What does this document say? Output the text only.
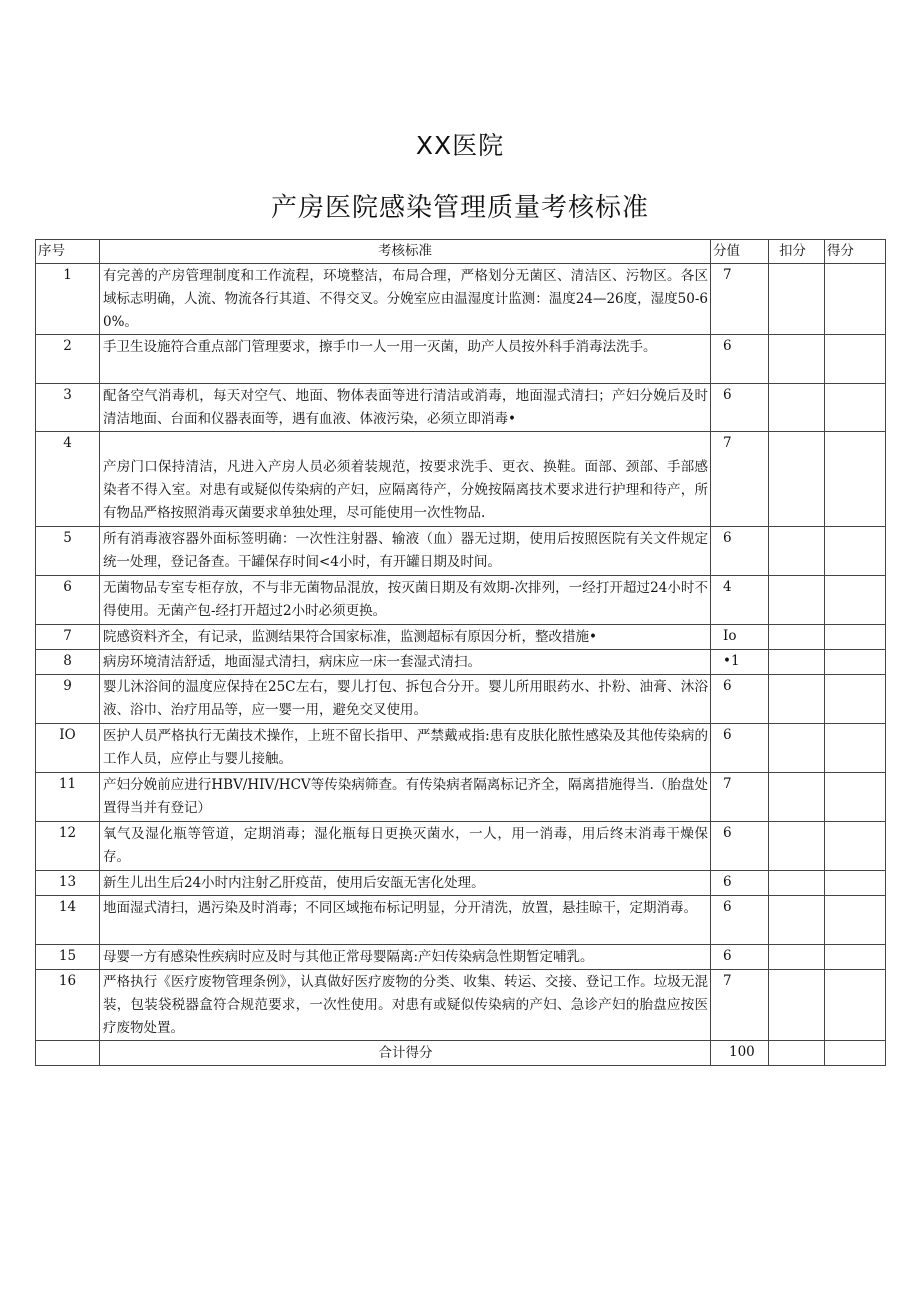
XX医院
产房医院感染管理质量考核标准
序号	考核标准	分值	扣分	得分
1	有完善的产房管理制度和工作流程，环境整洁，布局合理，严格划分无菌区、清洁区、污物区。各区域标志明确，人流、物流各行其道、不得交叉。分娩室应由温湿度计监测：温度24—26度，湿度50-60%。	7		
2	手卫生设施符合重点部门管理要求，擦手巾一人一用一灭菌，助产人员按外科手消毒法洗手。	6		
3	配备空气消毒机，每天对空气、地面、物体表面等进行清洁或消毒，地面湿式清扫；产妇分娩后及时清洁地面、台面和仪器表面等，遇有血液、体液污染，必须立即消毒•	6		
4	产房门口保持清洁，凡进入产房人员必须着装规范，按要求洗手、更衣、换鞋。面部、颈部、手部感染者不得入室。对患有或疑似传染病的产妇，应隔离待产，分娩按隔离技术要求进行护理和待产，所有物品严格按照消毒灭菌要求单独处理，尽可能使用一次性物品.	7		
5	所有消毒液容器外面标签明确：一次性注射器、输液（血）器无过期，使用后按照医院有关文件规定统一处理，登记备查。干罐保存时间<4小时，有开罐日期及时间。	6		
6	无菌物品专室专柜存放，不与非无菌物品混放，按灭菌日期及有效期-次排列，一经打开超过24小时不得使用。无菌产包-经打开超过2小时必须更换。	4		
7	院感资料齐全，有记录，监测结果符合国家标准，监测超标有原因分析，整改措施•	Io		
8	病房环境清洁舒适，地面湿式清扫，病床应一床一套湿式清扫。	•1		
9	婴儿沐浴间的温度应保持在25C左右，婴儿打包、拆包合分开。婴儿所用眼药水、扑粉、油膏、沐浴液、浴巾、治疗用品等，应一婴一用，避免交叉使用。	6		
IO	医护人员严格执行无菌技术操作，上班不留长指甲、严禁戴戒指:患有皮肤化脓性感染及其他传染病的工作人员，应停止与婴儿接触。	6		
11	产妇分娩前应进行HBV/HIV/HCV等传染病筛查。有传染病者隔离标记齐全，隔离措施得当.（胎盘处置得当并有登记）	7		
12	氧气及湿化瓶等管道，定期消毒；湿化瓶每日更换灭菌水，一人，用一消毒，用后终末消毒干燥保存。	6		
13	新生儿出生后24小时内注射乙肝疫苗，使用后安瓿无害化处理。	6		
14	地面湿式清扫，遇污染及时消毒；不同区域拖布标记明显，分开清洗，放置，悬挂晾干，定期消毒。	6		
15	母婴一方有感染性疾病时应及时与其他正常母婴隔离:产妇传染病急性期暂定哺乳。	6		
16	严格执行《医疗废物管理条例》，认真做好医疗废物的分类、收集、转运、交接、登记工作。垃圾无混装，包装袋税器盒符合规范要求，一次性使用。对患有或疑似传染病的产妇、急诊产妇的胎盘应按医疗废物处置。	7		
	合计得分	100		
